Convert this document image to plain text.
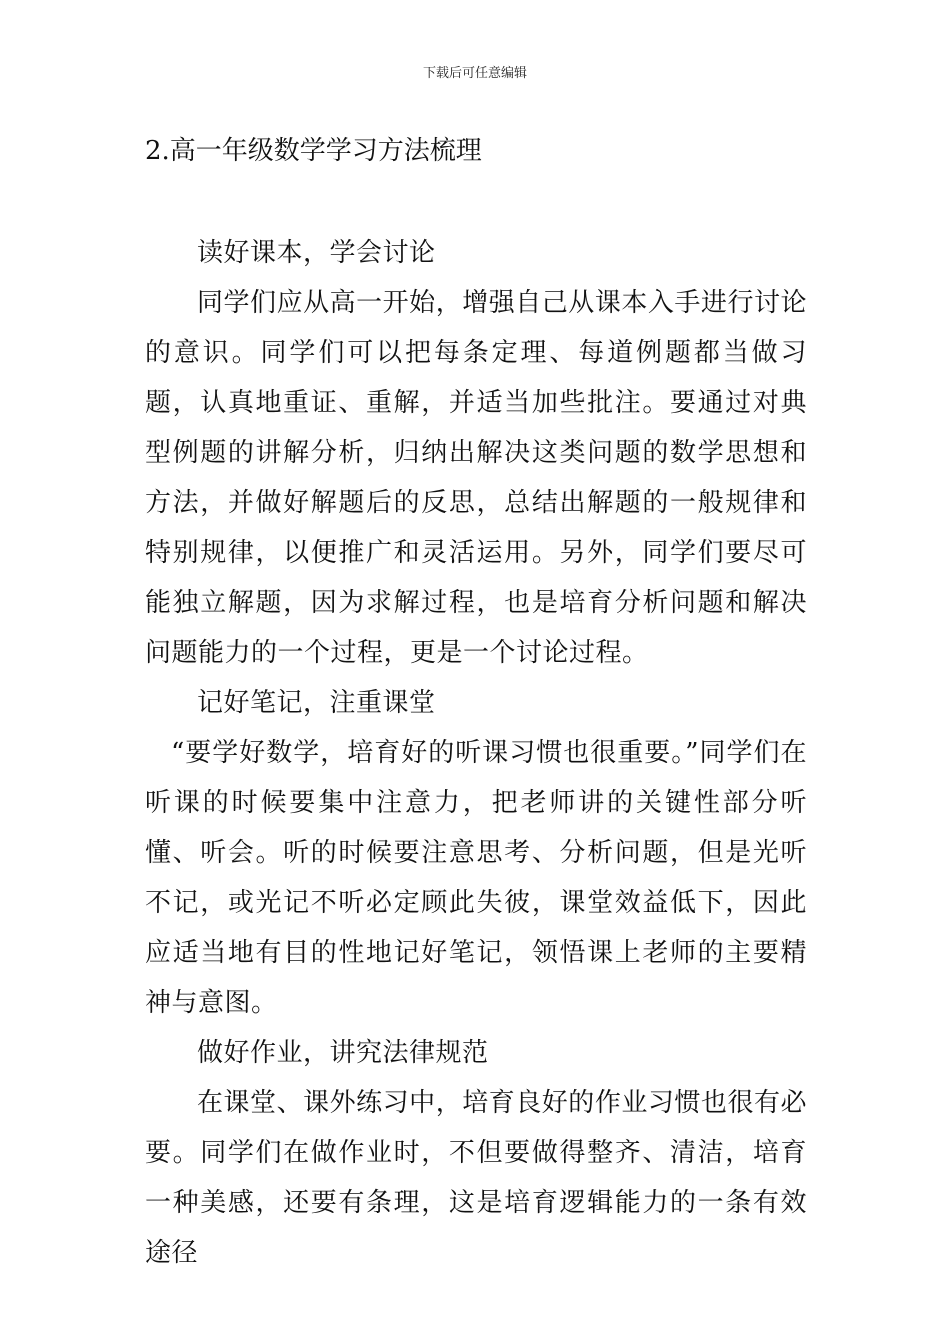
下载后可任意编辑
2.高一年级数学学习方法梳理

读好课本，学会讨论

同学们应从高一开始，增强自己从课本入手进行讨论的意识。同学们可以把每条定理、每道例题都当做习题，认真地重证、重解，并适当加些批注。要通过对典型例题的讲解分析，归纳出解决这类问题的数学思想和方法，并做好解题后的反思，总结出解题的一般规律和特别规律，以便推广和灵活运用。另外，同学们要尽可能独立解题，因为求解过程，也是培育分析问题和解决问题能力的一个过程，更是一个讨论过程。

记好笔记，注重课堂

“要学好数学，培育好的听课习惯也很重要。”同学们在听课的时候要集中注意力，把老师讲的关键性部分听懂、听会。听的时候要注意思考、分析问题，但是光听不记，或光记不听必定顾此失彼，课堂效益低下，因此应适当地有目的性地记好笔记，领悟课上老师的主要精神与意图。

做好作业，讲究法律规范

在课堂、课外练习中，培育良好的作业习惯也很有必要。同学们在做作业时，不但要做得整齐、清洁，培育一种美感，还要有条理，这是培育逻辑能力的一条有效途径
